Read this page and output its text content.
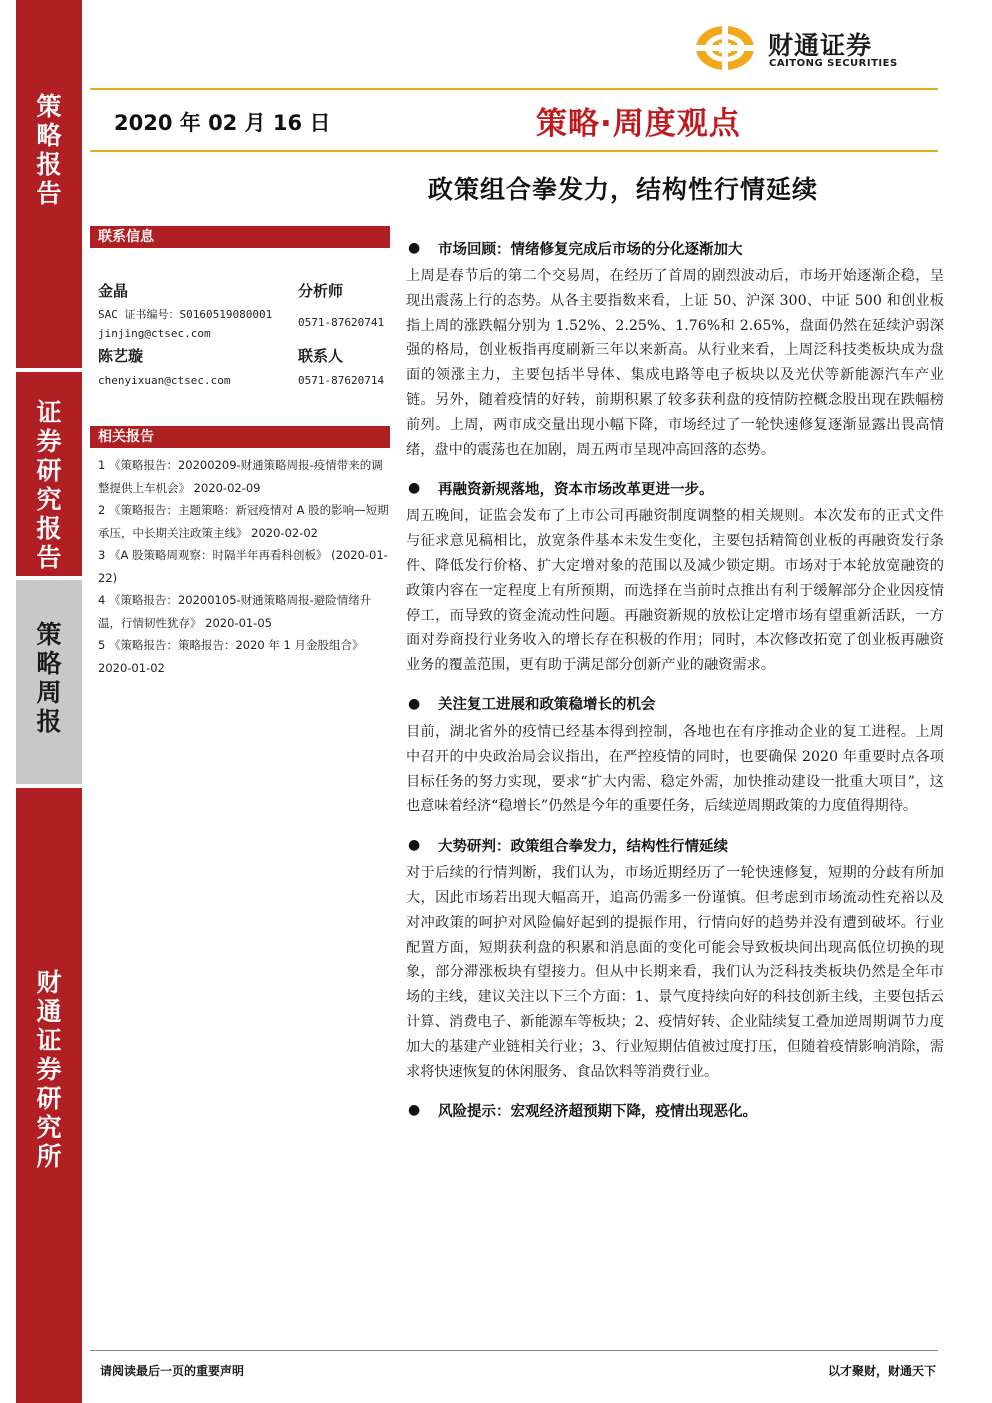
策略报告
证券研究报告
策略周报
财通证券研究所
财通证券
CAITONG SECURITIES
2020 年 02 月 16 日	策略·周度观点
政策组合拳发力，结构性行情延续
联系信息
金晶	分析师
SAC 证书编号：S0160519080001
0571-87620741
jinjing@ctsec.com
陈艺璇	联系人
chenyixuan@ctsec.com	0571-87620714
相关报告

1 《策略报告：20200209-财通策略周报-疫情带来的调整提供上车机会》 2020-02-09

2 《策略报告：主题策略：新冠疫情对 A 股的影响—短期承压，中长期关注政策主线》 2020-02-02

3 《A 股策略周观察：时隔半年再看科创板》 (2020-01-22)

4 《策略报告：20200105-财通策略周报-避险情绪升温，行情韧性犹存》 2020-01-05

5 《策略报告：策略报告：2020 年 1 月金股组合》 2020-01-02

●	市场回顾：情绪修复完成后市场的分化逐渐加大

上周是春节后的第二个交易周，在经历了首周的剧烈波动后，市场开始逐渐企稳，呈现出震荡上行的态势。从各主要指数来看，上证 50、沪深 300、中证 500 和创业板指上周的涨跌幅分别为 1.52%、2.25%、1.76%和 2.65%，盘面仍然在延续沪弱深强的格局，创业板指再度刷新三年以来新高。从行业来看，上周泛科技类板块成为盘面的领涨主力，主要包括半导体、集成电路等电子板块以及光伏等新能源汽车产业链。另外，随着疫情的好转，前期积累了较多获利盘的疫情防控概念股出现在跌幅榜前列。上周，两市成交量出现小幅下降，市场经过了一轮快速修复逐渐显露出畏高情绪，盘中的震荡也在加剧，周五两市呈现冲高回落的态势。

●	再融资新规落地，资本市场改革更进一步。

周五晚间，证监会发布了上市公司再融资制度调整的相关规则。本次发布的正式文件与征求意见稿相比，放宽条件基本未发生变化，主要包括精简创业板的再融资发行条件、降低发行价格、扩大定增对象的范围以及减少锁定期。市场对于本轮放宽融资的政策内容在一定程度上有所预期，而选择在当前时点推出有利于缓解部分企业因疫情停工，而导致的资金流动性问题。再融资新规的放松让定增市场有望重新活跃，一方面对券商投行业务收入的增长存在积极的作用；同时，本次修改拓宽了创业板再融资业务的覆盖范围，更有助于满足部分创新产业的融资需求。

●	关注复工进展和政策稳增长的机会

目前，湖北省外的疫情已经基本得到控制，各地也在有序推动企业的复工进程。上周中召开的中央政治局会议指出，在严控疫情的同时，也要确保 2020 年重要时点各项目标任务的努力实现，要求“扩大内需、稳定外需，加快推动建设一批重大项目”，这也意味着经济“稳增长”仍然是今年的重要任务，后续逆周期政策的力度值得期待。

●	大势研判：政策组合拳发力，结构性行情延续

对于后续的行情判断，我们认为，市场近期经历了一轮快速修复，短期的分歧有所加大，因此市场若出现大幅高开，追高仍需多一份谨慎。但考虑到市场流动性充裕以及对冲政策的呵护对风险偏好起到的提振作用，行情向好的趋势并没有遭到破坏。行业配置方面，短期获利盘的积累和消息面的变化可能会导致板块间出现高低位切换的现象，部分滞涨板块有望接力。但从中长期来看，我们认为泛科技类板块仍然是全年市场的主线，建议关注以下三个方面：1、景气度持续向好的科技创新主线，主要包括云计算、消费电子、新能源车等板块；2、疫情好转、企业陆续复工叠加逆周期调节力度加大的基建产业链相关行业；3、行业短期估值被过度打压，但随着疫情影响消除，需求将快速恢复的休闲服务、食品饮料等消费行业。

●	风险提示：宏观经济超预期下降，疫情出现恶化。
请阅读最后一页的重要声明	以才聚财，财通天下
